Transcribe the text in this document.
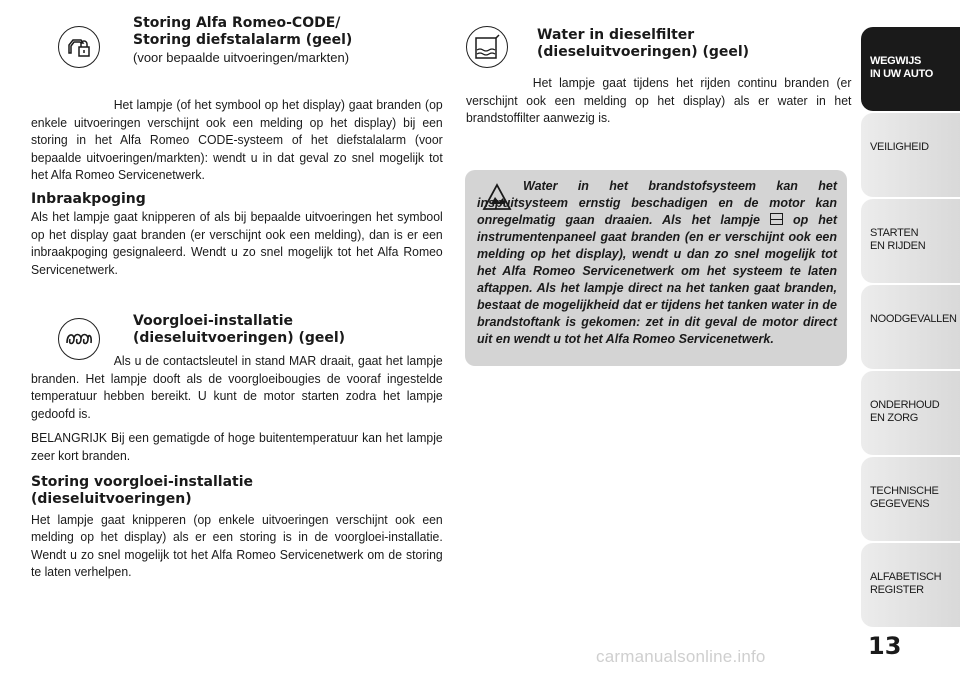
Storing Alfa Romeo-CODE/
Storing diefstalalarm (geel)

(voor bepaalde uitvoeringen/markten)

Het lampje (of het symbool op het display) gaat branden (op enkele uitvoeringen verschijnt ook een melding op het display) bij een storing in het Alfa Romeo CODE-systeem of het diefstalalarm (voor bepaalde uitvoeringen/markten): wendt u in dat geval zo snel mogelijk tot het Alfa Romeo Servicenetwerk.

Inbraakpoging

Als het lampje gaat knipperen of als bij bepaalde uitvoeringen het symbool op het display gaat branden (er verschijnt ook een melding), dan is er een inbraakpoging gesignaleerd. Wendt u zo snel mogelijk tot het Alfa Romeo Servicenetwerk.

Voorgloei-installatie
(dieseluitvoeringen) (geel)

Als u de contactsleutel in stand MAR draait, gaat het lampje branden. Het lampje dooft als de voorgloeibougies de vooraf ingestelde temperatuur hebben bereikt. U kunt de motor starten zodra het lampje gedoofd is.

BELANGRIJK Bij een gematigde of hoge buitentemperatuur kan het lampje zeer kort branden.

Storing voorgloei-installatie
(dieseluitvoeringen)

Het lampje gaat knipperen (op enkele uitvoeringen verschijnt ook een melding op het display) als er een storing is in de voorgloei-installatie. Wendt u zo snel mogelijk tot het Alfa Romeo Servicenetwerk om de storing te laten verhelpen.

Water in dieselfilter
(dieseluitvoeringen) (geel)

Het lampje gaat tijdens het rijden continu branden (er verschijnt ook een melding op het display) als er water in het brandstoffilter aanwezig is.

Water in het brandstofsysteem kan het inspuitsysteem ernstig beschadigen en de motor kan onregelmatig gaan draaien. Als het lampje  op het instrumentenpaneel gaat branden (en er verschijnt ook een melding op het display), wendt u dan zo snel mogelijk tot het Alfa Romeo Servicenetwerk om het systeem te laten aftappen. Als het lampje direct na het tanken gaat branden, bestaat de mogelijkheid dat er tijdens het tanken water in de brandstoftank is gekomen: zet in dit geval de motor direct uit en wendt u tot het Alfa Romeo Servicenetwerk.

WEGWIJS
IN UW AUTO
VEILIGHEID
STARTEN
EN RIJDEN
NOODGEVALLEN
ONDERHOUD
EN ZORG
TECHNISCHE
GEGEVENS
ALFABETISCH
REGISTER
13
carmanualsonline.info
